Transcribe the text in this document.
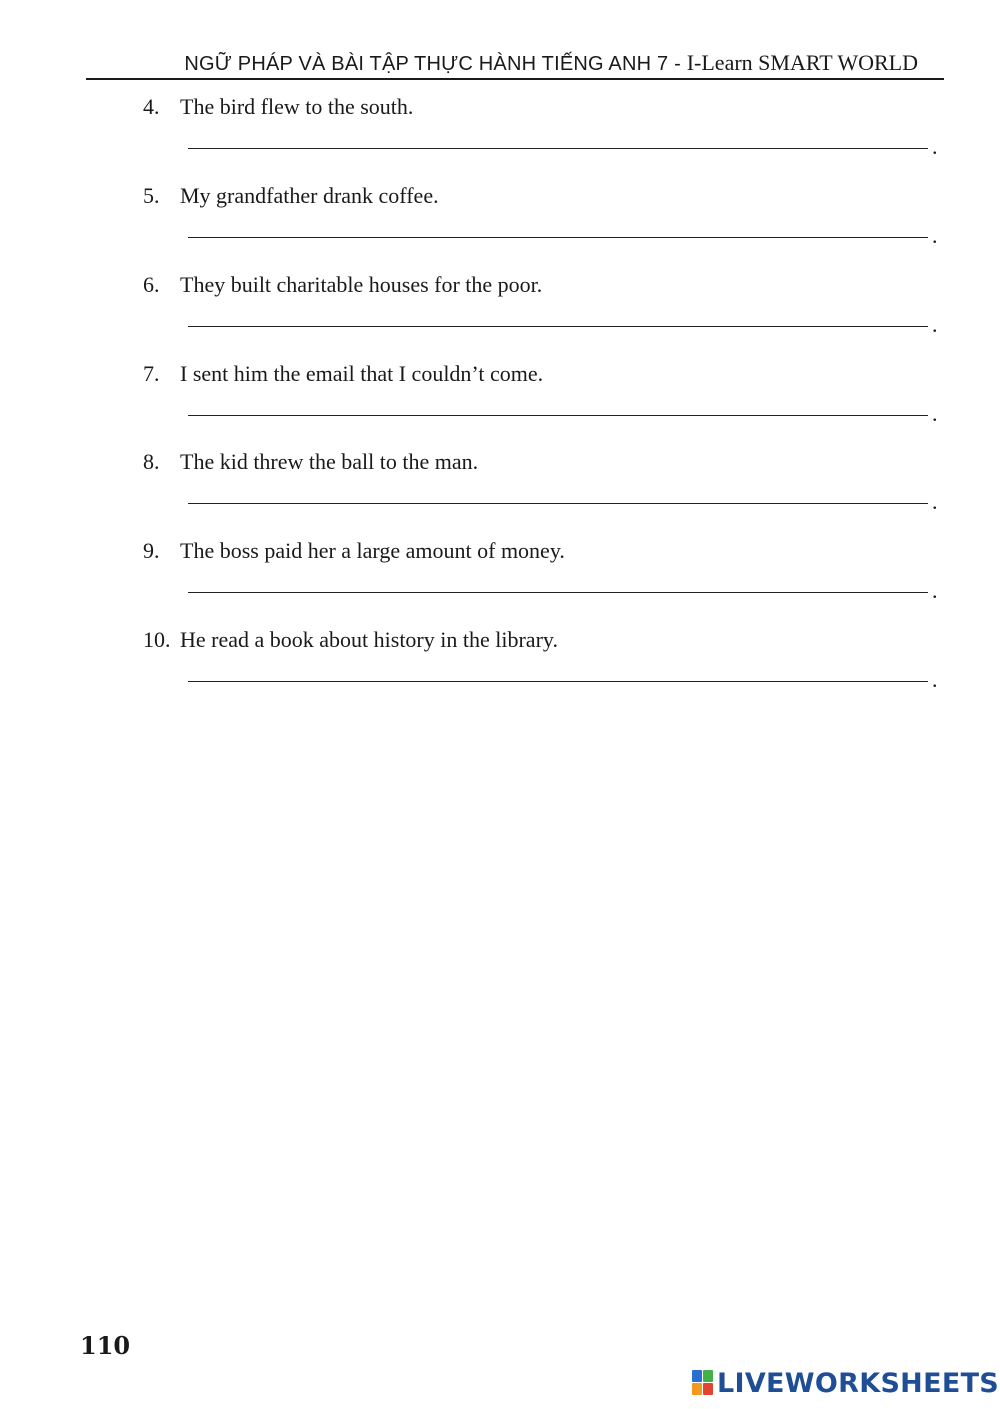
NGỮ PHÁP VÀ BÀI TẬP THỰC HÀNH TIẾNG ANH 7 - I-Learn SMART WORLD
4. The bird flew to the south.
.
5. My grandfather drank coffee.
.
6. They built charitable houses for the poor.
.
7. I sent him the email that I couldn’t come.
.
8. The kid threw the ball to the man.
.
9. The boss paid her a large amount of money.
.
10. He read a book about history in the library.
.
110
LIVEWORKSHEETS
